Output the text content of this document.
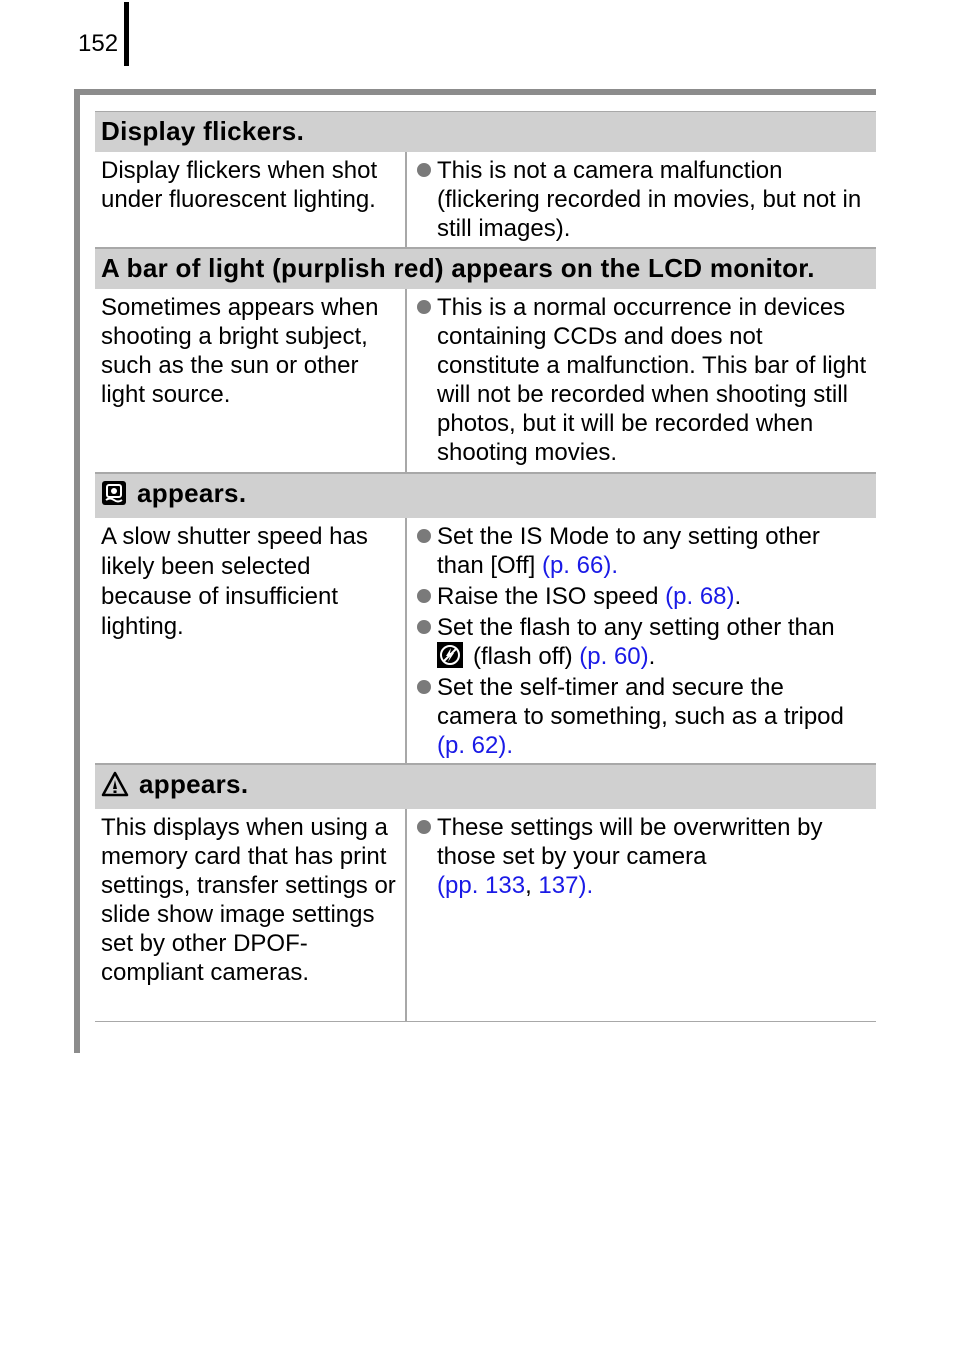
152
Display flickers.
Display flickers when shot under fluorescent lighting.
This is not a camera malfunction (flickering recorded in movies, but not in still images).
A bar of light (purplish red) appears on the LCD monitor.
Sometimes appears when shooting a bright subject, such as the sun or other light source.
This is a normal occurrence in devices containing CCDs and does not constitute a malfunction. This bar of light will not be recorded when shooting still photos, but it will be recorded when shooting movies.
appears.
A slow shutter speed has likely been selected because of insufficient lighting.
Set the IS Mode to any setting other than [Off] (p. 66).
Raise the ISO speed (p. 68).
Set the flash to any setting other than

(flash off) (p. 60).
Set the self-timer and secure the camera to something, such as a tripod (p. 62).
appears.
This displays when using a memory card that has print settings, transfer settings or slide show image settings set by other DPOF-compliant cameras.
These settings will be overwritten by those set by your camera
(pp. 133, 137).
